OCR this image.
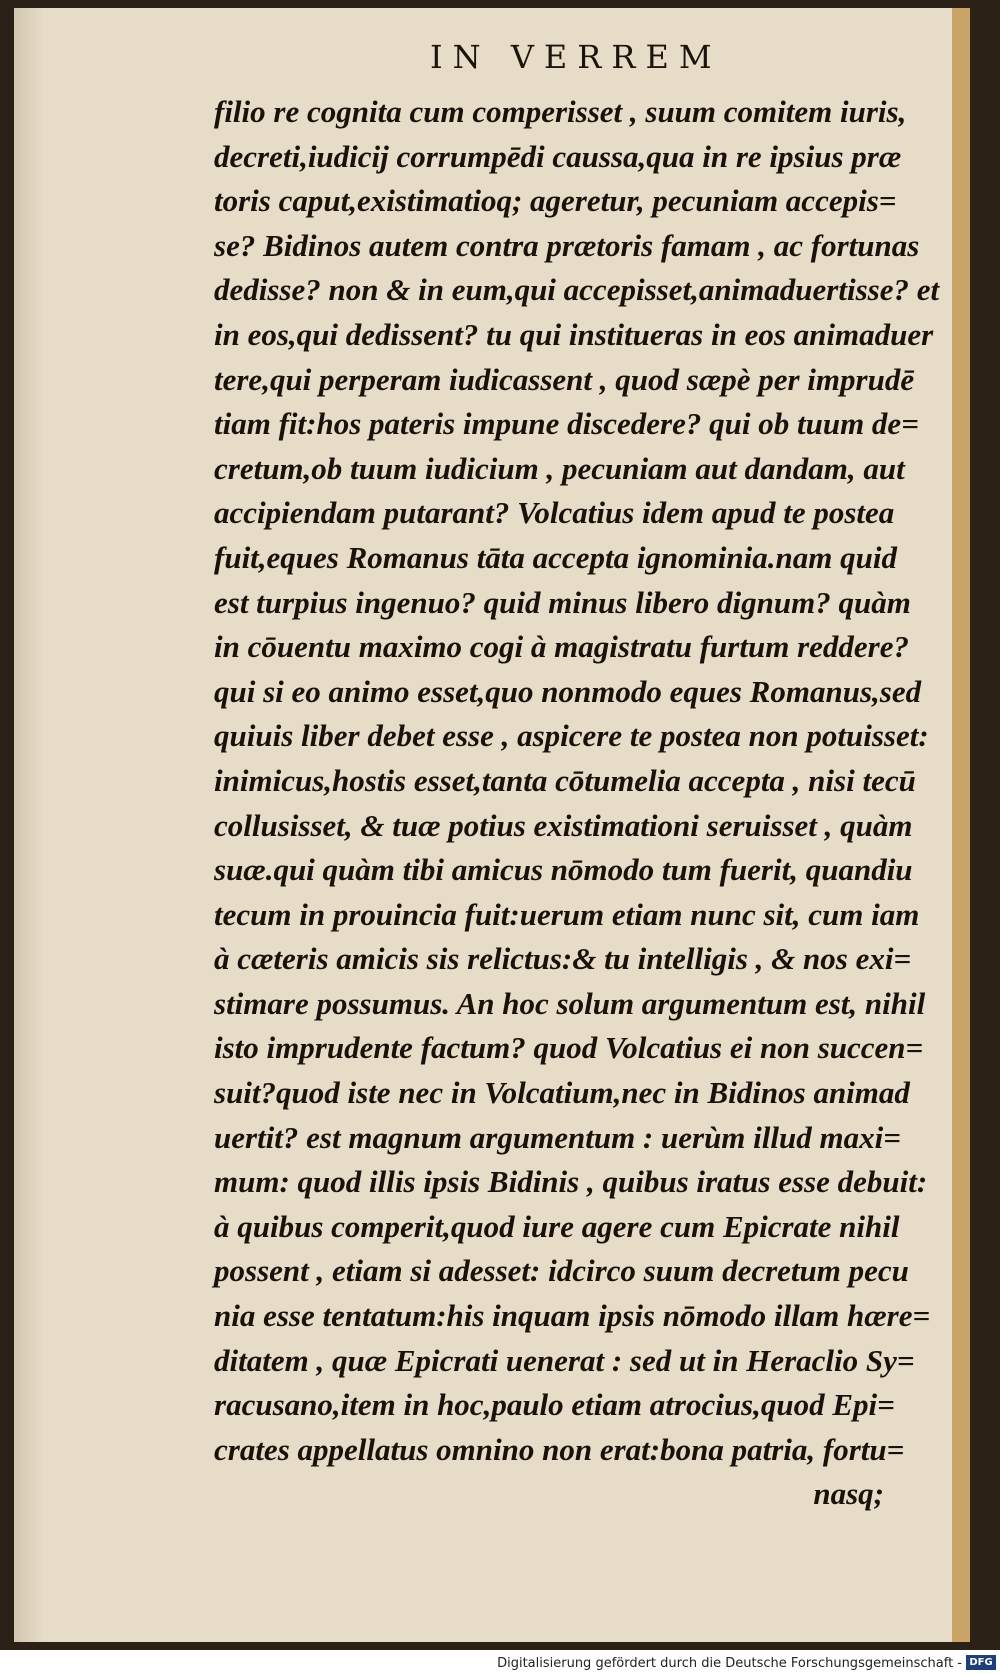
IN VERREM
filio re cognita cum comperisset , suum comitem iuris,
decreti,iudicij corrumpēdi caussa,qua in re ipsius præ
toris caput,existimatioq; ageretur, pecuniam accepis=
se? Bidinos autem contra prætoris famam , ac fortunas
dedisse? non & in eum,qui accepisset,animaduertisse? et
in eos,qui dedissent? tu qui institueras in eos animaduer
tere,qui perperam iudicassent , quod sæpè per imprudē
tiam fit:hos pateris impune discedere? qui ob tuum de=
cretum,ob tuum iudicium , pecuniam aut dandam, aut
accipiendam putarant? Volcatius idem apud te postea
fuit,eques Romanus tāta accepta ignominia.nam quid
est turpius ingenuo? quid minus libero dignum? quàm
in cōuentu maximo cogi à magistratu furtum reddere?
qui si eo animo esset,quo nonmodo eques Romanus,sed
quiuis liber debet esse , aspicere te postea non potuisset:
inimicus,hostis esset,tanta cōtumelia accepta , nisi tecū
collusisset, & tuæ potius existimationi seruisset , quàm
suæ.qui quàm tibi amicus nōmodo tum fuerit, quandiu
tecum in prouincia fuit:uerum etiam nunc sit, cum iam
à cæteris amicis sis relictus:& tu intelligis , & nos exi=
stimare possumus. An hoc solum argumentum est, nihil
isto imprudente factum? quod Volcatius ei non succen=
suit?quod iste nec in Volcatium,nec in Bidinos animad
uertit? est magnum argumentum : uerùm illud maxi=
mum: quod illis ipsis Bidinis , quibus iratus esse debuit:
à quibus comperit,quod iure agere cum Epicrate nihil
possent , etiam si adesset: idcirco suum decretum pecu
nia esse tentatum:his inquam ipsis nōmodo illam hære=
ditatem , quæ Epicrati uenerat : sed ut in Heraclio Sy=
racusano,item in hoc,paulo etiam atrocius,quod Epi=
crates appellatus omnino non erat:bona patria, fortu=
nasq;
Digitalisierung gefördert durch die Deutsche Forschungsgemeinschaft - DFG
